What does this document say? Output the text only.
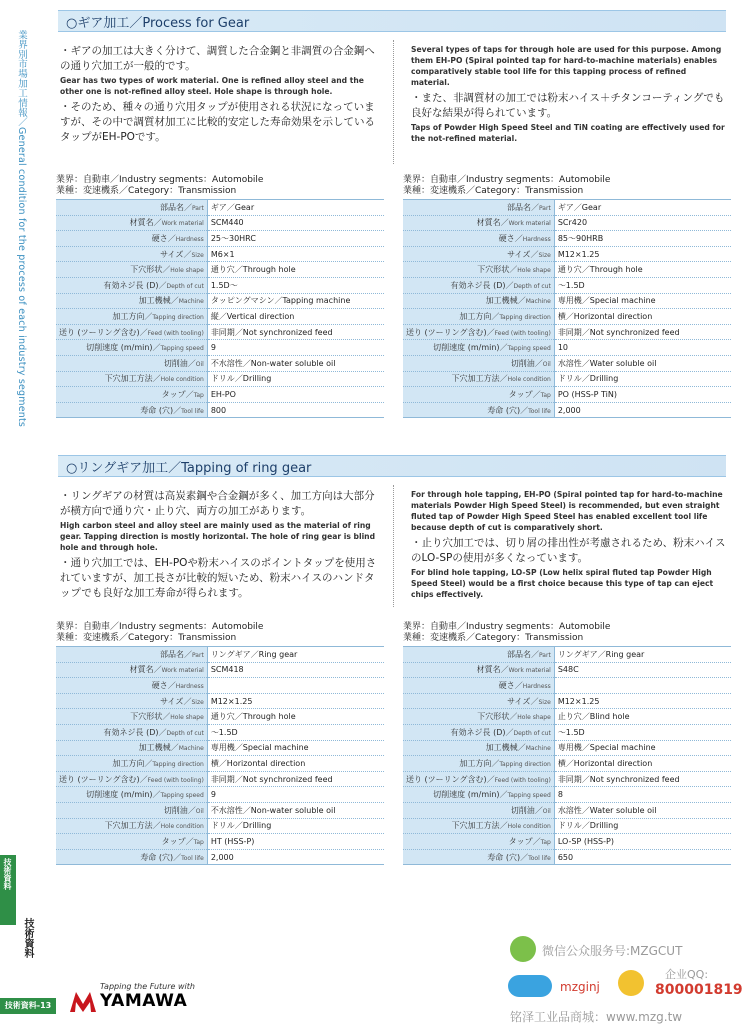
業界別市場加工情報／General condition for the process of each industry segments
技術資料
技術資料
○ギア加工／Process for Gear
・ギアの加工は大きく分けて、調質した合金鋼と非調質の合金鋼への通り穴加工が一般的です。
Gear has two types of work material. One is refined alloy steel and the other one is not-refined alloy steel. Hole shape is through hole.
・そのため、種々の通り穴用タップが使用される状況になっていますが、その中で調質材加工に比較的安定した寿命効果を示しているタップがEH-POです。
Several types of taps for through hole are used for this purpose. Among them EH-PO (Spiral pointed tap for hard-to-machine materials) enables comparatively stable tool life for this tapping process of refined material.
・また、非調質材の加工では粉末ハイス＋チタンコーティングでも良好な結果が得られています。
Taps of Powder High Speed Steel and TiN coating are effectively used for the not-refined material.
業界：自動車／Industry segments：Automobile
業種：変速機系／Category：Transmission
部品名／Part	ギア／Gear
材質名／Work material	SCM440
硬さ／Hardness	25～30HRC
サイズ／Size	M6×1
下穴形状／Hole shape	通り穴／Through hole
有効ネジ長 (D)／Depth of cut	1.5D～
加工機械／Machine	タッピングマシン／Tapping machine
加工方向／Tapping direction	縦／Vertical direction
送り (ツーリング含む)／Feed (with tooling)	非同期／Not synchronized feed
切削速度 (m/min)／Tapping speed	9
切削油／Oil	不水溶性／Non-water soluble oil
下穴加工方法／Hole condition	ドリル／Drilling
タップ／Tap	EH-PO
寿命 (穴)／Tool life	800
業界：自動車／Industry segments：Automobile
業種：変速機系／Category：Transmission
部品名／Part	ギア／Gear
材質名／Work material	SCr420
硬さ／Hardness	85～90HRB
サイズ／Size	M12×1.25
下穴形状／Hole shape	通り穴／Through hole
有効ネジ長 (D)／Depth of cut	～1.5D
加工機械／Machine	専用機／Special machine
加工方向／Tapping direction	横／Horizontal direction
送り (ツーリング含む)／Feed (with tooling)	非同期／Not synchronized feed
切削速度 (m/min)／Tapping speed	10
切削油／Oil	水溶性／Water soluble oil
下穴加工方法／Hole condition	ドリル／Drilling
タップ／Tap	PO (HSS-P TiN)
寿命 (穴)／Tool life	2,000
○リングギア加工／Tapping of ring gear
・リングギアの材質は高炭素鋼や合金鋼が多く、加工方向は大部分が横方向で通り穴・止り穴、両方の加工があります。
High carbon steel and alloy steel are mainly used as the material of ring gear. Tapping direction is mostly horizontal. The hole of ring gear is blind hole and through hole.
・通り穴加工では、EH-POや粉末ハイスのポイントタップを使用されていますが、加工長さが比較的短いため、粉末ハイスのハンドタップでも良好な加工寿命が得られます。
For through hole tapping, EH-PO (Spiral pointed tap for hard-to-machine materials Powder High Speed Steel) is recommended, but even straight fluted tap of Powder High Speed Steel has enabled excellent tool life because depth of cut is comparatively short.
・止り穴加工では、切り屑の排出性が考慮されるため、粉末ハイスのLO-SPの使用が多くなっています。
For blind hole tapping, LO-SP (Low helix spiral fluted tap Powder High Speed Steel) would be a first choice because this type of tap can eject chips effectively.
業界：自動車／Industry segments：Automobile
業種：変速機系／Category：Transmission
部品名／Part	リングギア／Ring gear
材質名／Work material	SCM418
硬さ／Hardness	
サイズ／Size	M12×1.25
下穴形状／Hole shape	通り穴／Through hole
有効ネジ長 (D)／Depth of cut	～1.5D
加工機械／Machine	専用機／Special machine
加工方向／Tapping direction	横／Horizontal direction
送り (ツーリング含む)／Feed (with tooling)	非同期／Not synchronized feed
切削速度 (m/min)／Tapping speed	9
切削油／Oil	不水溶性／Non-water soluble oil
下穴加工方法／Hole condition	ドリル／Drilling
タップ／Tap	HT (HSS-P)
寿命 (穴)／Tool life	2,000
業界：自動車／Industry segments：Automobile
業種：変速機系／Category：Transmission
部品名／Part	リングギア／Ring gear
材質名／Work material	S48C
硬さ／Hardness	
サイズ／Size	M12×1.25
下穴形状／Hole shape	止り穴／Blind hole
有効ネジ長 (D)／Depth of cut	～1.5D
加工機械／Machine	専用機／Special machine
加工方向／Tapping direction	横／Horizontal direction
送り (ツーリング含む)／Feed (with tooling)	非同期／Not synchronized feed
切削速度 (m/min)／Tapping speed	8
切削油／Oil	水溶性／Water soluble oil
下穴加工方法／Hole condition	ドリル／Drilling
タップ／Tap	LO-SP (HSS-P)
寿命 (穴)／Tool life	650
Tapping the Future with
YAMAWA
技術資料-13
微信公众服务号:MZGCUT
企业QQ:
mzginj	800001819
铭泽工业品商城：www.mzg.tw
